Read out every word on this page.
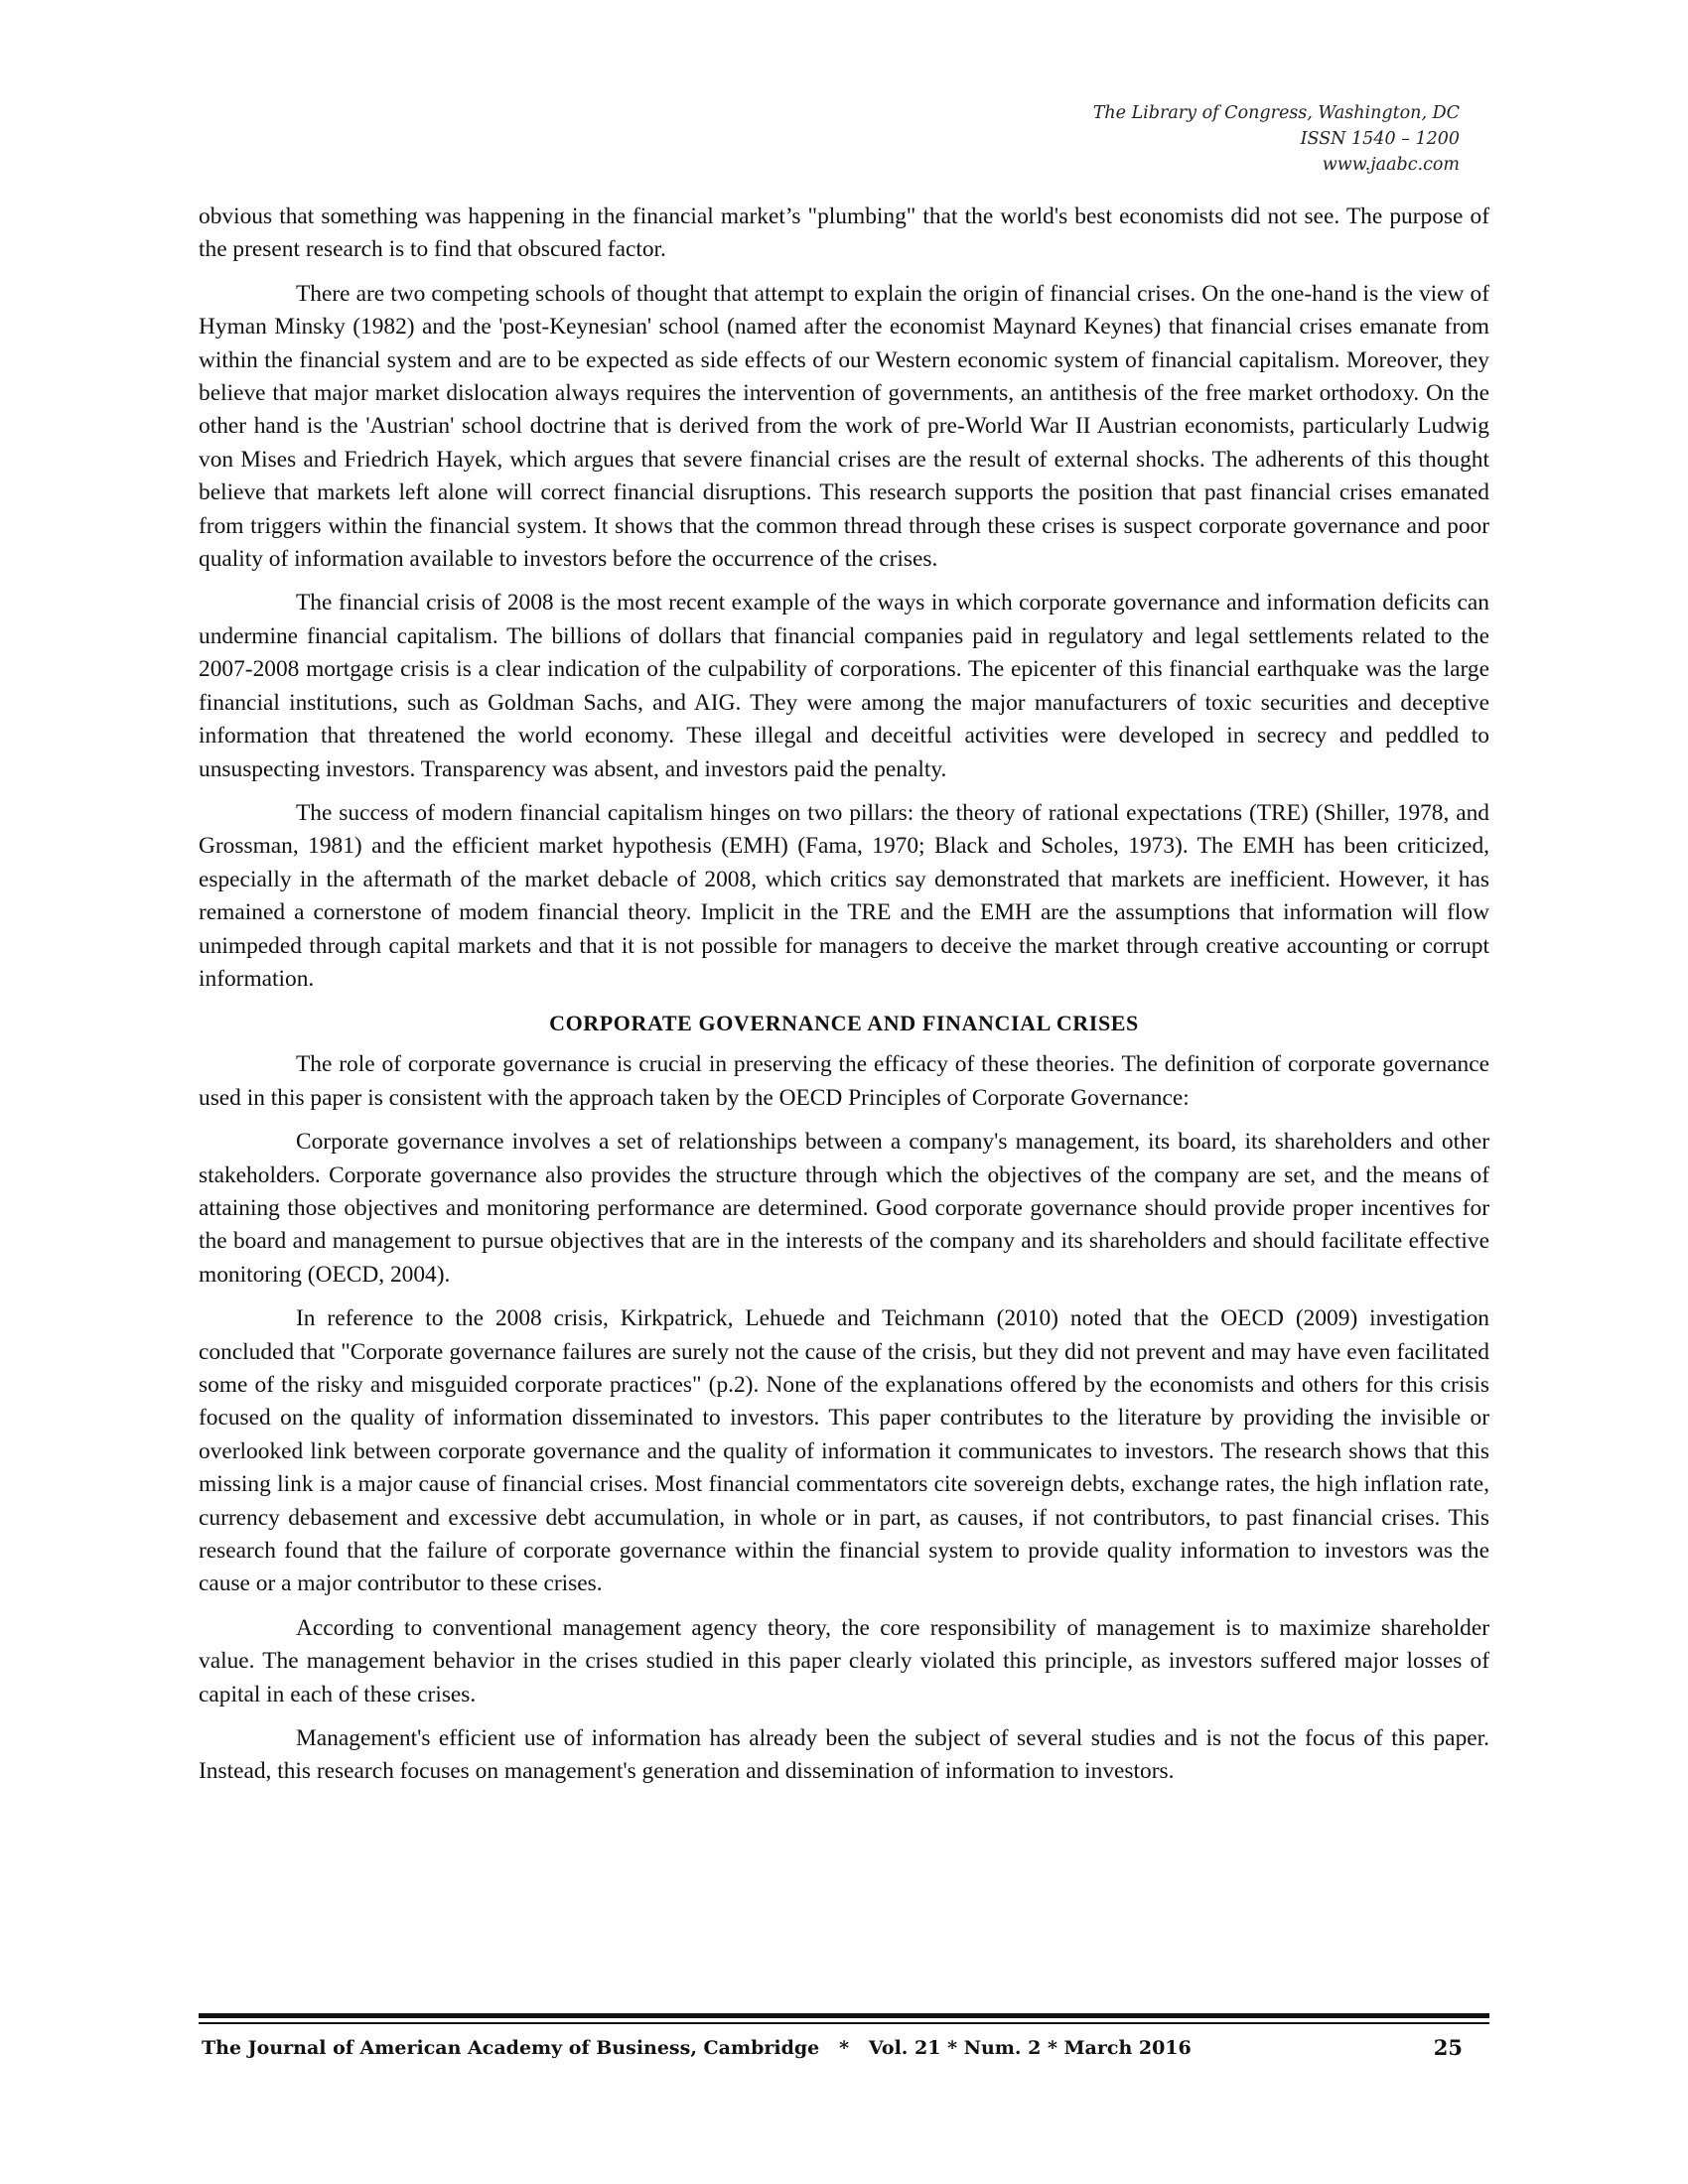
The Library of Congress, Washington, DC
ISSN 1540 – 1200
www.jaabc.com

obvious that something was happening in the financial market’s "plumbing" that the world's best economists did not see. The purpose of the present research is to find that obscured factor.

There are two competing schools of thought that attempt to explain the origin of financial crises. On the one-hand is the view of Hyman Minsky (1982) and the 'post-Keynesian' school (named after the economist Maynard Keynes) that financial crises emanate from within the financial system and are to be expected as side effects of our Western economic system of financial capitalism. Moreover, they believe that major market dislocation always requires the intervention of governments, an antithesis of the free market orthodoxy. On the other hand is the 'Austrian' school doctrine that is derived from the work of pre-World War II Austrian economists, particularly Ludwig von Mises and Friedrich Hayek, which argues that severe financial crises are the result of external shocks. The adherents of this thought believe that markets left alone will correct financial disruptions. This research supports the position that past financial crises emanated from triggers within the financial system. It shows that the common thread through these crises is suspect corporate governance and poor quality of information available to investors before the occurrence of the crises.

The financial crisis of 2008 is the most recent example of the ways in which corporate governance and information deficits can undermine financial capitalism. The billions of dollars that financial companies paid in regulatory and legal settlements related to the 2007-2008 mortgage crisis is a clear indication of the culpability of corporations. The epicenter of this financial earthquake was the large financial institutions, such as Goldman Sachs, and AIG. They were among the major manufacturers of toxic securities and deceptive information that threatened the world economy. These illegal and deceitful activities were developed in secrecy and peddled to unsuspecting investors. Transparency was absent, and investors paid the penalty.

The success of modern financial capitalism hinges on two pillars: the theory of rational expectations (TRE) (Shiller, 1978, and Grossman, 1981) and the efficient market hypothesis (EMH) (Fama, 1970; Black and Scholes, 1973). The EMH has been criticized, especially in the aftermath of the market debacle of 2008, which critics say demonstrated that markets are inefficient. However, it has remained a cornerstone of modem financial theory. Implicit in the TRE and the EMH are the assumptions that information will flow unimpeded through capital markets and that it is not possible for managers to deceive the market through creative accounting or corrupt information.

CORPORATE GOVERNANCE AND FINANCIAL CRISES

The role of corporate governance is crucial in preserving the efficacy of these theories. The definition of corporate governance used in this paper is consistent with the approach taken by the OECD Principles of Corporate Governance:

Corporate governance involves a set of relationships between a company's management, its board, its shareholders and other stakeholders. Corporate governance also provides the structure through which the objectives of the company are set, and the means of attaining those objectives and monitoring performance are determined. Good corporate governance should provide proper incentives for the board and management to pursue objectives that are in the interests of the company and its shareholders and should facilitate effective monitoring (OECD, 2004).

In reference to the 2008 crisis, Kirkpatrick, Lehuede and Teichmann (2010) noted that the OECD (2009) investigation concluded that "Corporate governance failures are surely not the cause of the crisis, but they did not prevent and may have even facilitated some of the risky and misguided corporate practices" (p.2). None of the explanations offered by the economists and others for this crisis focused on the quality of information disseminated to investors. This paper contributes to the literature by providing the invisible or overlooked link between corporate governance and the quality of information it communicates to investors. The research shows that this missing link is a major cause of financial crises. Most financial commentators cite sovereign debts, exchange rates, the high inflation rate, currency debasement and excessive debt accumulation, in whole or in part, as causes, if not contributors, to past financial crises. This research found that the failure of corporate governance within the financial system to provide quality information to investors was the cause or a major contributor to these crises.

According to conventional management agency theory, the core responsibility of management is to maximize shareholder value. The management behavior in the crises studied in this paper clearly violated this principle, as investors suffered major losses of capital in each of these crises.

Management's efficient use of information has already been the subject of several studies and is not the focus of this paper. Instead, this research focuses on management's generation and dissemination of information to investors.

The Journal of American Academy of Business, Cambridge   *   Vol. 21 * Num. 2 * March 2016	25
